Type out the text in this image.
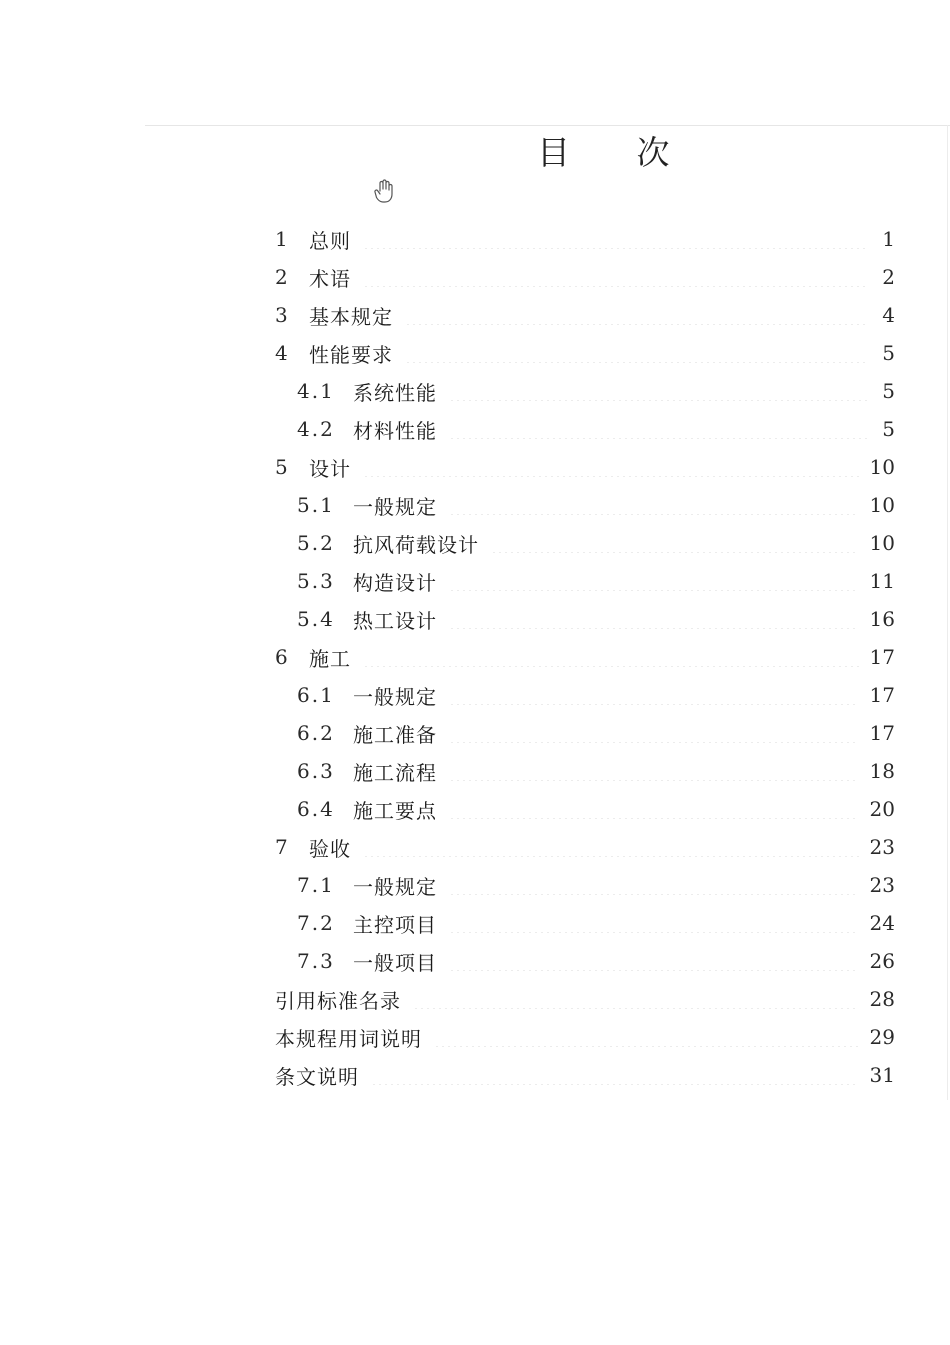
目 次
1 总则	1
2 术语	2
3 基本规定	4
4 性能要求	5
4.1 系统性能	5
4.2 材料性能	5
5 设计	10
5.1 一般规定	10
5.2 抗风荷载设计	10
5.3 构造设计	11
5.4 热工设计	16
6 施工	17
6.1 一般规定	17
6.2 施工准备	17
6.3 施工流程	18
6.4 施工要点	20
7 验收	23
7.1 一般规定	23
7.2 主控项目	24
7.3 一般项目	26
引用标准名录	28
本规程用词说明	29
条文说明	31
